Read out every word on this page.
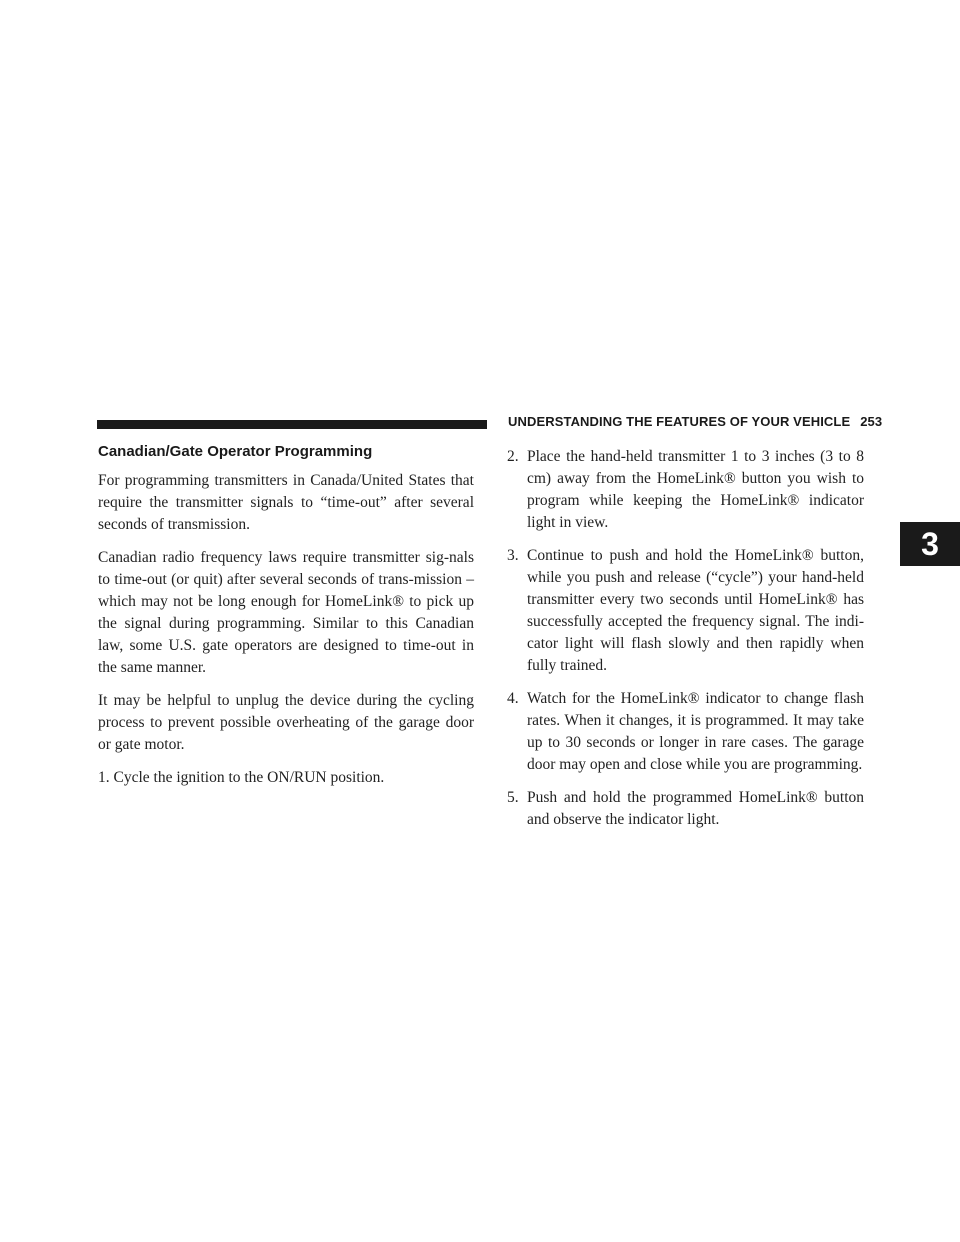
UNDERSTANDING THE FEATURES OF YOUR VEHICLE 253
3
Canadian/Gate Operator Programming

For programming transmitters in Canada/United States that require the transmitter signals to “time-out” after several seconds of transmission.

Canadian radio frequency laws require transmitter sig-nals to time-out (or quit) after several seconds of trans-mission – which may not be long enough for HomeLink® to pick up the signal during programming. Similar to this Canadian law, some U.S. gate operators are designed to time-out in the same manner.

It may be helpful to unplug the device during the cycling process to prevent possible overheating of the garage door or gate motor.

1. Cycle the ignition to the ON/RUN position.
2. Place the hand-held transmitter 1 to 3 inches (3 to 8 cm) away from the HomeLink® button you wish to program while keeping the HomeLink® indicator light in view.
3. Continue to push and hold the HomeLink® button, while you push and release (“cycle”) your hand-held transmitter every two seconds until HomeLink® has successfully accepted the frequency signal. The indi-cator light will flash slowly and then rapidly when fully trained.
4. Watch for the HomeLink® indicator to change flash rates. When it changes, it is programmed. It may take up to 30 seconds or longer in rare cases. The garage door may open and close while you are programming.
5. Push and hold the programmed HomeLink® button and observe the indicator light.
